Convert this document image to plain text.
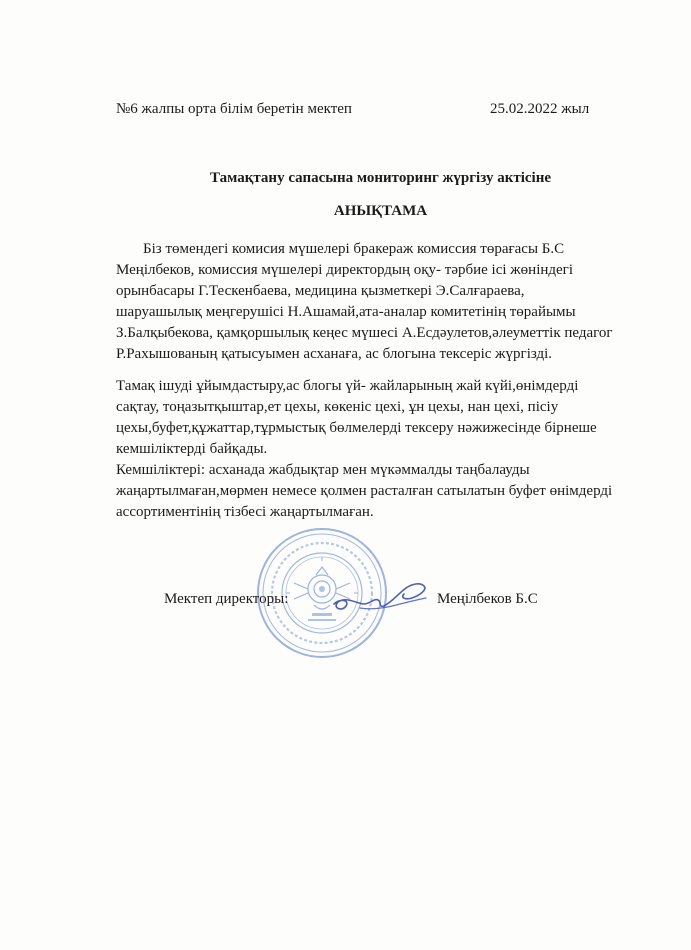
№6 жалпы орта білім беретін мектеп	25.02.2022 жыл
Тамақтану сапасына мониторинг жүргізу актісіне
АНЫҚТАМА
Біз төмендегі комисия мүшелері бракераж комиссия төрағасы Б.С
Меңілбеков, комиссия мүшелері директордың оқу- тәрбие ісі жөніндегі
орынбасары Г.Тескенбаева, медицина қызметкері Э.Салғараева,
шаруашылық меңгерушісі Н.Ашамай,ата-аналар комитетінің төрайымы
З.Балқыбекова, қамқоршылық кеңес мүшесі А.Есдәулетов,әлеуметтік педагог
Р.Рахышованың қатысуымен асханаға, ас блогына тексеріс жүргізді.
Тамақ ішуді ұйымдастыру,ас блогы үй- жайларының жай күйі,өнімдерді
сақтау, тоңазытқыштар,ет цехы, көкеніс цехі, ұн цехы, нан цехі, пісіу
цехы,буфет,құжаттар,тұрмыстық бөлмелерді тексеру нәжижесінде бірнеше
кемшіліктерді байқады.
Кемшіліктері: асханада жабдықтар мен мүкәммалды таңбалауды
жаңартылмаған,мөрмен немесе қолмен расталған сатылатын буфет өнімдерді
ассортиментінің тізбесі жаңартылмаған.
Мектеп директоры:	Меңілбеков Б.С
